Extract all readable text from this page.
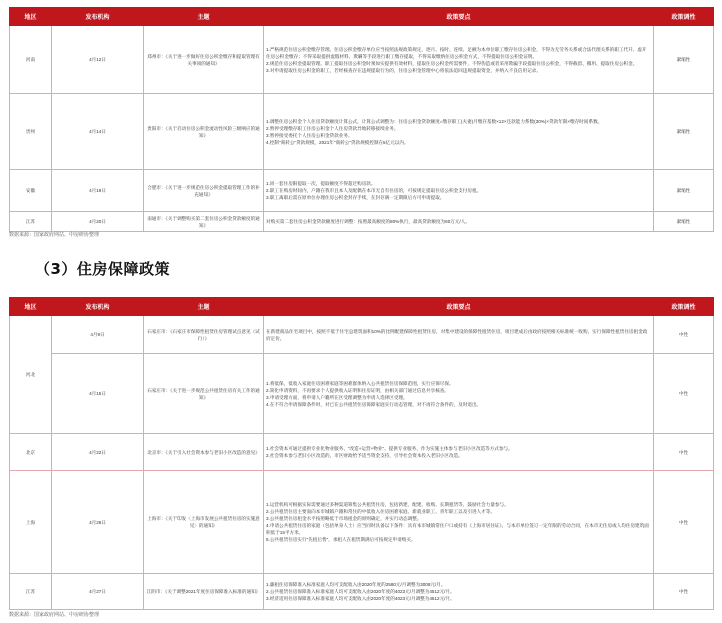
地区	发布机构	主题	政策要点	政策调性
河南	4月12日	郑州市：《关于进一步做好住房公积金缴存和提取管理有关事项的通知》	1.严格规范住房公积金缴存管理。住房公积金缴存单位应当按照法规政策规定，逐月、按时、连续、足额为本单位职工缴存住房公积金，不得为无劳务关系或合法代理关系的职工代开、虚开住房公积金缴存；不得采取提供虚假材料、欺瞒等手段进行职工缴存提取，不得采取缴纳住房公积金方式，不得提取住房公积金证明。
2.规范住房公积金提取管理。职工提取住房公积金时须如实提供有效材料，提取住房公积金所需要件，不得伪造或者采用欺骗手段提取住房公积金，不得截留、挪用、提取住房公积金。
3.对申请提取住房公积金的职工，若经核查存在违规提取行为的，住房公积金管理中心将依法追回违规提取资金，并纳入不良信用记录。	紧缩性
贵州	4月14日	贵阳市：《关于启动住房公积金流动性风险三级响应的通知》	1.调整住房公积金个人住房贷款额度计算公式，计算公式调整为：住房公积金贷款额度=缴存职工(夫妻)月缴存基数×12×还款能力系数(30%)×贷款年限×缴存时间系数。
2.暂停受理缴存职工住房公积金个人住房贷款异地转移接续业务。
3.暂停接受委托个人住房公积金贷款业务。
4.控制"商转公"贷款规模，2021年"商转公"贷款规模控制在5亿元以内。	紧缩性
安徽	4月19日	合肥市：《关于进一步规范住房公积金提取管理工作的补充通知》	1.同一套住房限提取一次，提取额度不得超过购房款。
2.职工在购房时间内，户籍在我市且本人及配偶在本市无自有住房的，可按规定提取住房公积金支付房租。
3.职工离职后需在原单位办理住房公积金封存手续，在封存满一定期限后方可申请提取。	紧缩性
江苏	4月20日	南通市：《关于调整购买第二套住房公积金贷款额度的通知》	对购买第二套住房公积金贷款额度进行调整：按照最高额度的80%执行，最高贷款额度为60万元/人。	紧缩性
数据来源：国家政府网站、中房研协整理
（3）住房保障政策
地区	发布机构	主题	政策要点	政策调性
河北	4月9日	石家庄市：《石家庄市保障性租赁住房管理试点意见（试行）》	在新建商品住宅项目中，按照不低于住宅总建筑面积10%的比例配建保障性租赁住房，对集中建设的保障性租赁住房，项目建成后由政府按照相关标准统一收购，实行保障性租赁住房租金政府定价。	中性
	4月15日	石家庄市：《关于进一步规范公共租赁住房有关工作的通知》	1.将低保、低收入家庭住房困难家庭等困难群体纳入公共租赁住房保障范围，实行应保尽保。
2.简化申请资料，不再要求个人提供收入证明和住房证明，由相关部门通过信息共享核查。
3.申请受理方面，将申请人户籍所在区受理调整为申请人选择区受理。
4.在不符合申请保障条件时，对已在公共租赁住房保障家庭实行动态管理，对不再符合条件的，及时退出。	中性
北京	4月22日	北京市：《关于引入社会资本参与老旧小区改造的意见》	1.社会资本可通过提供专业化物业服务、"改造+运营+物业"、提供专业服务、作为实施主体参与老旧小区改造等方式参与。
2.社会资本参与老旧小区改造的，市区财政给予适当资金支持，引导社会资本投入老旧小区改造。	中性
上海	4月26日	上海市：《关于印发〈上海市发展公共租赁住房的实施意见〉的通知》	1.运营机构可根据实际需要通过多种渠道筹集公共租赁住房，包括新建、配建、收购、长期租赁等，鼓励社会力量参与。
2.公共租赁住房主要面向本市城镇户籍和常住的中低收入住房困难家庭、新就业职工、青年职工以及引进人才等。
3.公共租赁住房租金水平按照略低于市场租金的原则确定，并实行动态调整。
4.申请公共租赁住房的家庭（包括单身人士）应当同时具备以下条件：具有本市城镇常住户口或持有《上海市居住证》，与本市单位签订一定年限的劳动合同，在本市无住房或人均住房建筑面积低于15平方米。
5.公共租赁住房实行"先租后售"，承租人在租赁期满后可按规定申请购买。	中性
江苏	4月27日	江阴市：《关于调整2021年度住房保障准入标准的通知》	1.廉租住房保障准入标准家庭人均可支配收入由2020年度的2580元/月调整为3008元/月。
2.公共租赁住房保障准入标准家庭人均可支配收入由2020年度的4023元/月调整为4512元/月。
3.经济适用住房保障准入标准家庭人均可支配收入由2020年度的4023元/月调整为4512元/月。	中性
数据来源：国家政府网站、中房研协整理
